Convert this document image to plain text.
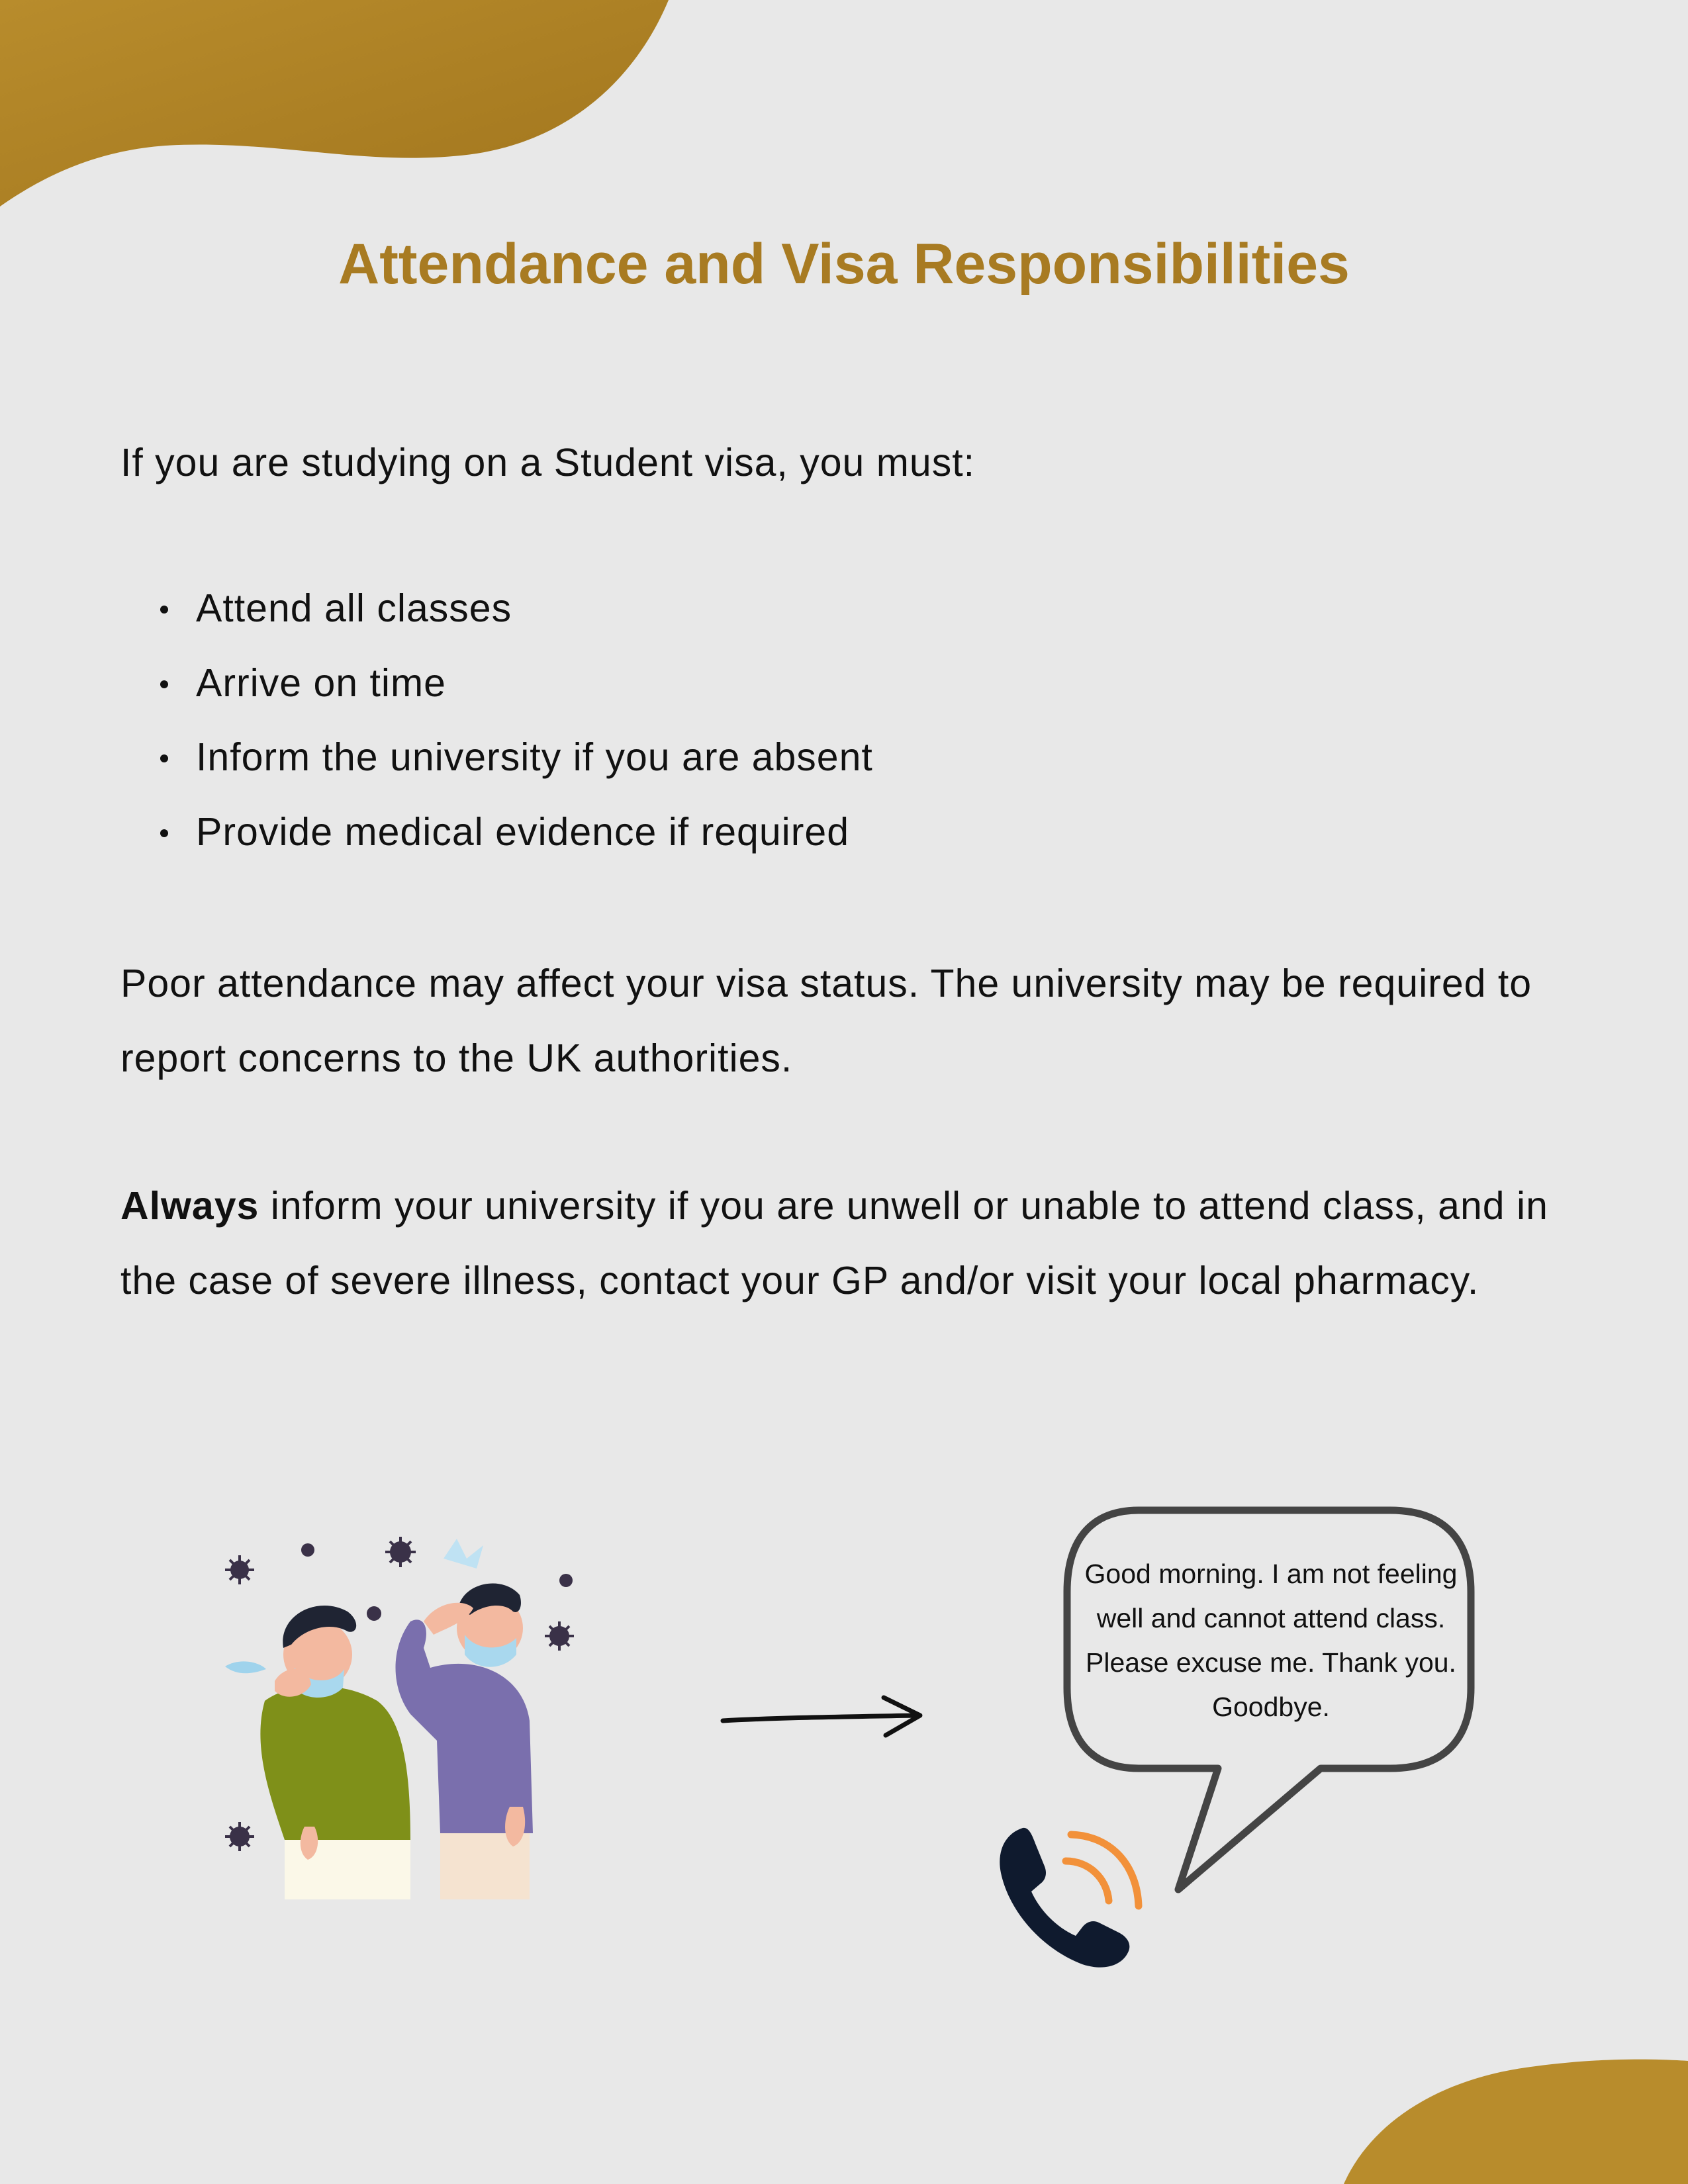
Attendance and Visa Responsibilities

If you are studying on a Student visa, you must:

Attend all classes
Arrive on time
Inform the university if you are absent
Provide medical evidence if required

Poor attendance may affect your visa status. The university may be required to report concerns to the UK authorities.

Always inform your university if you are unwell or unable to attend class, and in the case of severe illness, contact your GP and/or visit your local pharmacy.

Good morning. I am not feeling well and cannot attend class. Please excuse me. Thank you. Goodbye.
